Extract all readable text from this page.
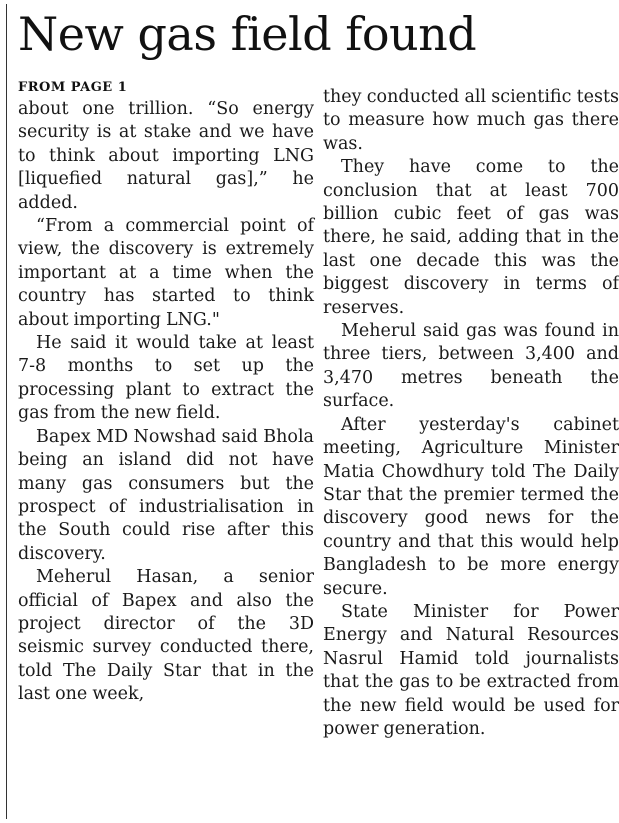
New gas field found
FROM PAGE 1

about one trillion. “So energy security is at stake and we have to think about importing LNG [liquefied natural gas],” he added.

“From a commercial point of view, the discovery is extremely important at a time when the country has started to think about importing LNG."

He said it would take at least 7-8 months to set up the processing plant to extract the gas from the new field.

Bapex MD Nowshad said Bhola being an island did not have many gas consumers but the prospect of industrialisation in the South could rise after this discovery.

Meherul Hasan, a senior official of Bapex and also the project director of the 3D seismic survey conducted there, told The Daily Star that in the last one week,

they conducted all scientific tests to measure how much gas there was.

They have come to the conclusion that at least 700 billion cubic feet of gas was there, he said, adding that in the last one decade this was the biggest discovery in terms of reserves.

Meherul said gas was found in three tiers, between 3,400 and 3,470 metres beneath the surface.

After yesterday's cabinet meeting, Agriculture Minister Matia Chowdhury told The Daily Star that the premier termed the discovery good news for the country and that this would help Bangladesh to be more energy secure.

State Minister for Power Energy and Natural Resources Nasrul Hamid told journalists that the gas to be extracted from the new field would be used for power generation.
